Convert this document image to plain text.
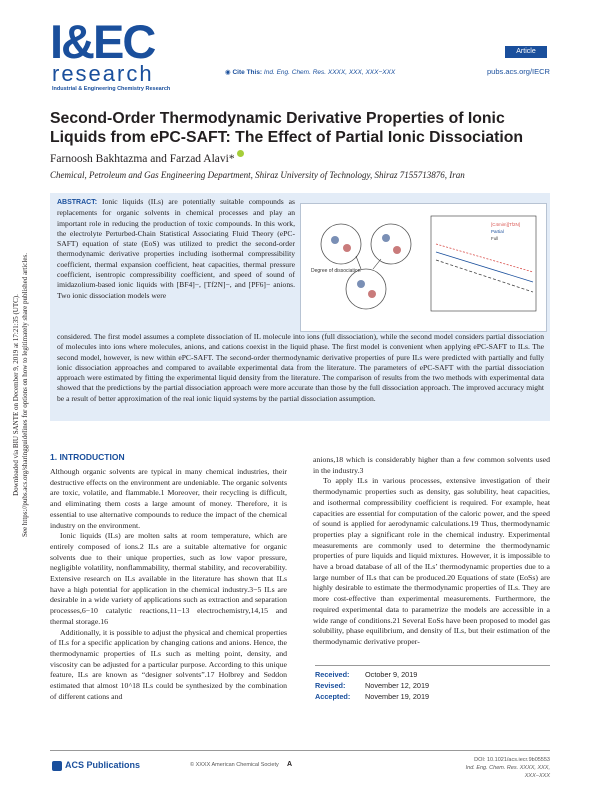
Downloaded via BIU SANTE on December 9, 2019 at 17:21:35 (UTC). See https://pubs.acs.org/sharingguidelines for options on how to legitimately share published articles.
I&EC
research
Industrial & Engineering Chemistry Research
Article
◉ Cite This: Ind. Eng. Chem. Res. XXXX, XXX, XXX−XXX	pubs.acs.org/IECR
Second-Order Thermodynamic Derivative Properties of Ionic Liquids from ePC-SAFT: The Effect of Partial Ionic Dissociation
Farnoosh Bakhtazma and Farzad Alavi*
Chemical, Petroleum and Gas Engineering Department, Shiraz University of Technology, Shiraz 7155713876, Iran
ABSTRACT: Ionic liquids (ILs) are potentially suitable compounds as replacements for organic solvents in chemical processes and play an important role in reducing the production of toxic compounds. In this work, the electrolyte Perturbed-Chain Statistical Associating Fluid Theory (ePC-SAFT) equation of state (EoS) was utilized to predict the second-order thermodynamic derivative properties including isothermal compressibility coefficient, thermal expansion coefficient, heat capacities, thermal pressure coefficient, isentropic compressibility coefficient, and speed of sound of imidazolium-based ionic liquids with [BF4]−, [Tf2N]−, and [PF6]− anions. Two ionic dissociation models were
Degree of dissociation
[C4mim][Tf2N]
Partial
Full
considered. The first model assumes a complete dissociation of IL molecule into ions (full dissociation), while the second model considers partial dissociation of molecules into ions where molecules, anions, and cations coexist in the liquid phase. The first model is convenient when applying ePC-SAFT to ILs. The second model, however, is new within ePC-SAFT. The second-order thermodynamic derivative properties of pure ILs were predicted with partially and fully ionic dissociation approaches and compared to available experimental data from the literature. The parameters of ePC-SAFT with the partial dissociation approach were estimated by fitting the experimental liquid density from the literature. The comparison of results from the two methods with experimental data showed that the predictions by the partial dissociation approach were more accurate than those by the full dissociation approach. The improved accuracy might be a result of better approximation of the real ionic liquid systems by the partial dissociation assumption.
1. INTRODUCTION

Although organic solvents are typical in many chemical industries, their destructive effects on the environment are undeniable. The organic solvents are toxic, volatile, and flammable.1 Moreover, their recycling is difficult, and eliminating them costs a large amount of money. Therefore, it is essential to use alternative compounds to reduce the impact of the chemical industry on the environment.

Ionic liquids (ILs) are molten salts at room temperature, which are entirely composed of ions.2 ILs are a suitable alternative for organic solvents due to their unique properties, such as low vapor pressure, negligible volatility, nonflammability, thermal stability, and recoverability. Extensive research on ILs available in the literature has shown that ILs have a high potential for application in the chemical industry.3−5 ILs are desirable in a wide variety of applications such as extraction and separation processes,6−10 catalytic reactions,11−13 electrochemistry,14,15 and thermal storage.16

Additionally, it is possible to adjust the physical and chemical properties of ILs for a specific application by changing cations and anions. Hence, the thermodynamic properties of ILs such as melting point, density, and viscosity can be adjusted for a particular purpose. According to this unique feature, ILs are known as “designer solvents”.17 Holbrey and Seddon estimated that almost 10^18 ILs could be synthesized by the combination of different cations and

anions,18 which is considerably higher than a few common solvents used in the industry.3

To apply ILs in various processes, extensive investigation of their thermodynamic properties such as density, gas solubility, heat capacities, and isothermal compressibility coefficient is required. For example, heat capacities are essential for computation of the caloric power, and the speed of sound is applied for aerodynamic calculations.19 Thus, thermodynamic properties play a significant role in the chemical industry. Experimental measurements are commonly used to determine the thermodynamic properties of pure liquids and liquid mixtures. However, it is impossible to have a broad database of all of the ILs’ thermodynamic properties due to a large number of ILs that can be produced.20 Equations of state (EoSs) are highly desirable to estimate the thermodynamic properties of ILs. They are more cost-effective than experimental measurements. Furthermore, the required experimental data to parametrize the models are accessible in a wide range of conditions.21 Several EoSs have been proposed to model gas solubility, phase equilibrium, and density of ILs, but their estimation of the thermodynamic derivative proper-

Received: October 9, 2019
Revised:	November 12, 2019
Accepted: November 19, 2019
ACS Publications	© XXXX American Chemical Society A
DOI: 10.1021/acs.iecr.9b05553
Ind. Eng. Chem. Res. XXXX, XXX, XXX−XXX
